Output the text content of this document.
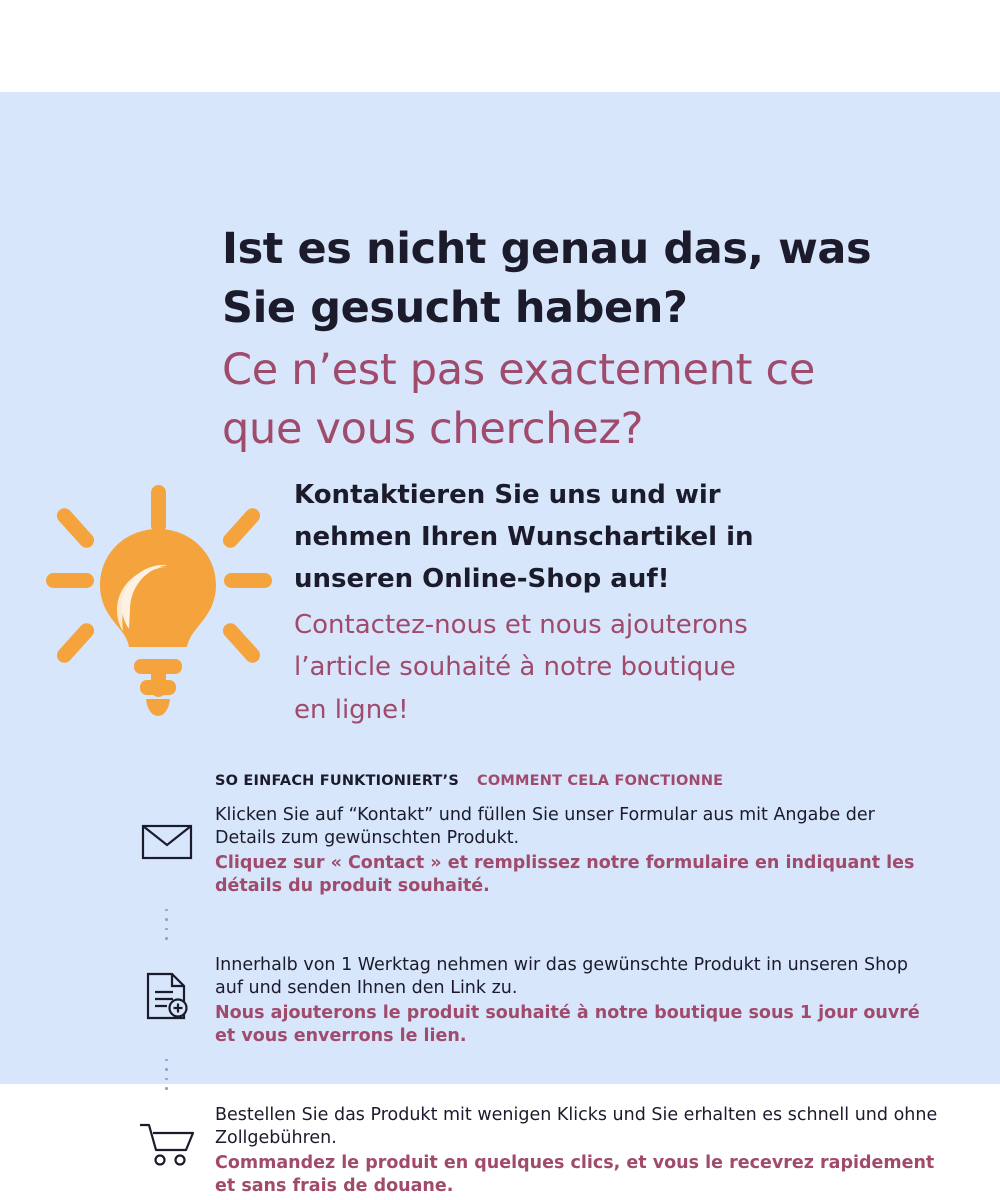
Ist es nicht genau das, was
Sie gesucht haben?
Ce n’est pas exactement ce
que vous cherchez?
Kontaktieren Sie uns und wir
nehmen Ihren Wunschartikel in
unseren Online-Shop auf!
Contactez-nous et nous ajouterons
l’article souhaité à notre boutique
en ligne!
SO EINFACH FUNKTIONIERT’S COMMENT CELA FONCTIONNE
Klicken Sie auf “Kontakt” und füllen Sie unser Formular aus mit Angabe der Details zum gewünschten Produkt.
Cliquez sur « Contact » et remplissez notre formulaire en indiquant les détails du produit souhaité.
Innerhalb von 1 Werktag nehmen wir das gewünschte Produkt in unseren Shop auf und senden Ihnen den Link zu.
Nous ajouterons le produit souhaité à notre boutique sous 1 jour ouvré et vous enverrons le lien.
Bestellen Sie das Produkt mit wenigen Klicks und Sie erhalten es schnell und ohne Zollgebühren.
Commandez le produit en quelques clics, et vous le recevrez rapidement et sans frais de douane.
